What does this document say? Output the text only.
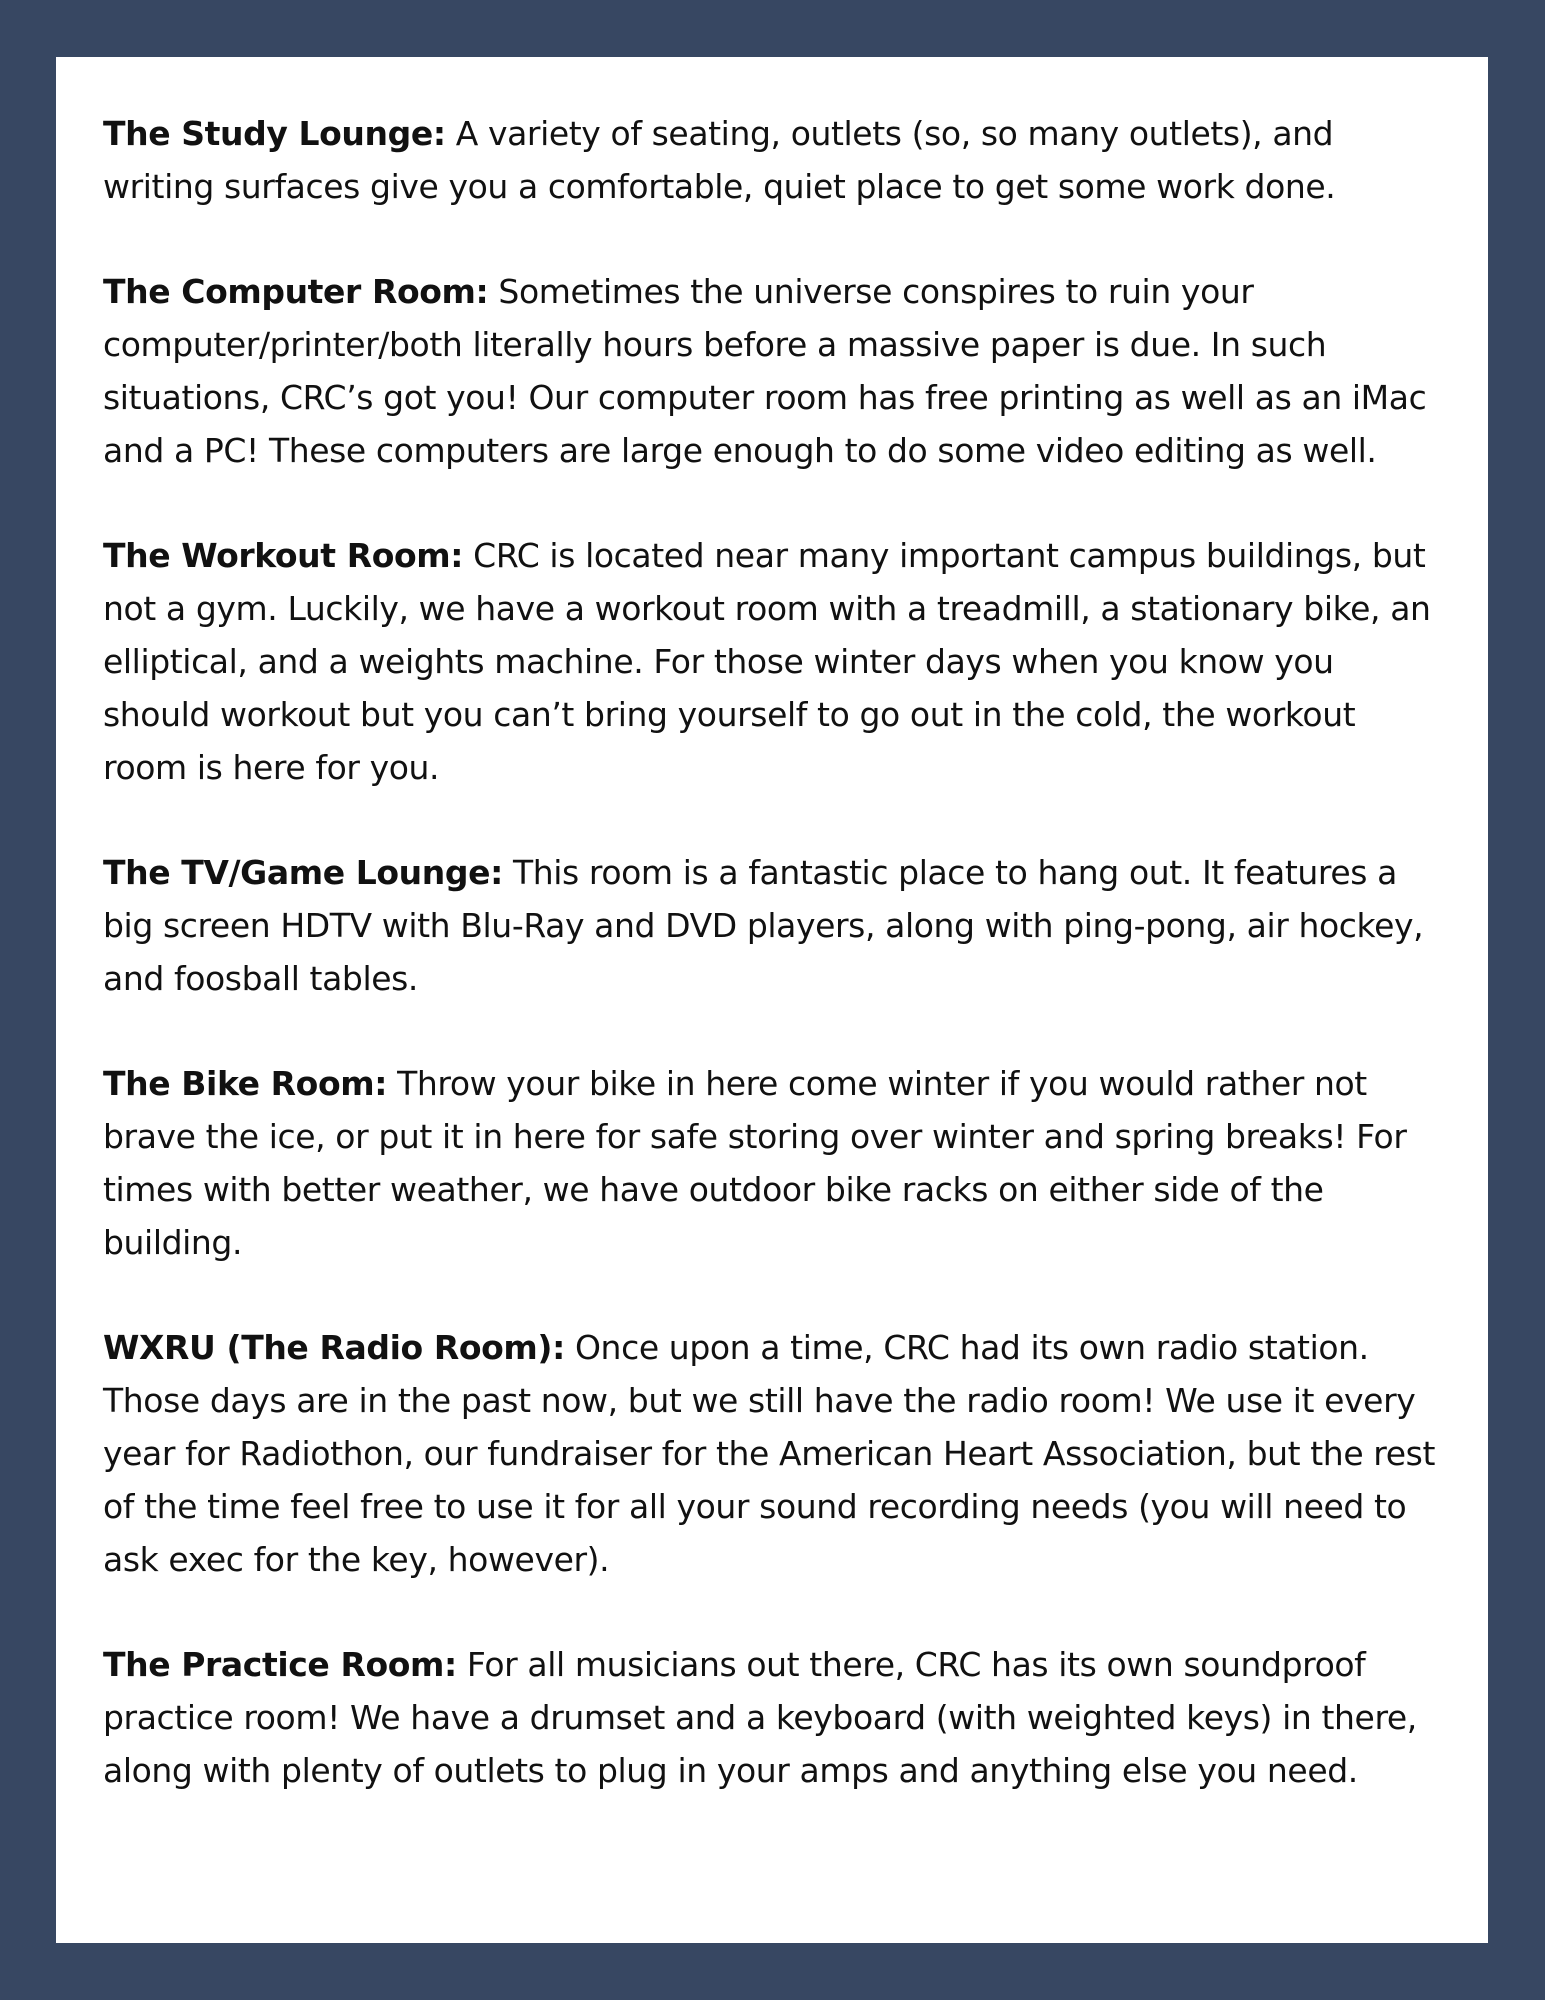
The Study Lounge: A variety of seating, outlets (so, so many outlets), and writing surfaces give you a comfortable, quiet place to get some work done.

The Computer Room: Sometimes the universe conspires to ruin your computer/printer/both literally hours before a massive paper is due. In such situations, CRC’s got you! Our computer room has free printing as well as an iMac and a PC! These computers are large enough to do some video editing as well.

The Workout Room: CRC is located near many important campus buildings, but not a gym. Luckily, we have a workout room with a treadmill, a stationary bike, an elliptical, and a weights machine. For those winter days when you know you should workout but you can’t bring yourself to go out in the cold, the workout room is here for you.

The TV/Game Lounge: This room is a fantastic place to hang out. It features a big screen HDTV with Blu-Ray and DVD players, along with ping-pong, air hockey, and foosball tables.

The Bike Room: Throw your bike in here come winter if you would rather not brave the ice, or put it in here for safe storing over winter and spring breaks! For times with better weather, we have outdoor bike racks on either side of the building.

WXRU (The Radio Room): Once upon a time, CRC had its own radio station. Those days are in the past now, but we still have the radio room! We use it every year for Radiothon, our fundraiser for the American Heart Association, but the rest of the time feel free to use it for all your sound recording needs (you will need to ask exec for the key, however).

The Practice Room: For all musicians out there, CRC has its own soundproof practice room! We have a drumset and a keyboard (with weighted keys) in there, along with plenty of outlets to plug in your amps and anything else you need.
